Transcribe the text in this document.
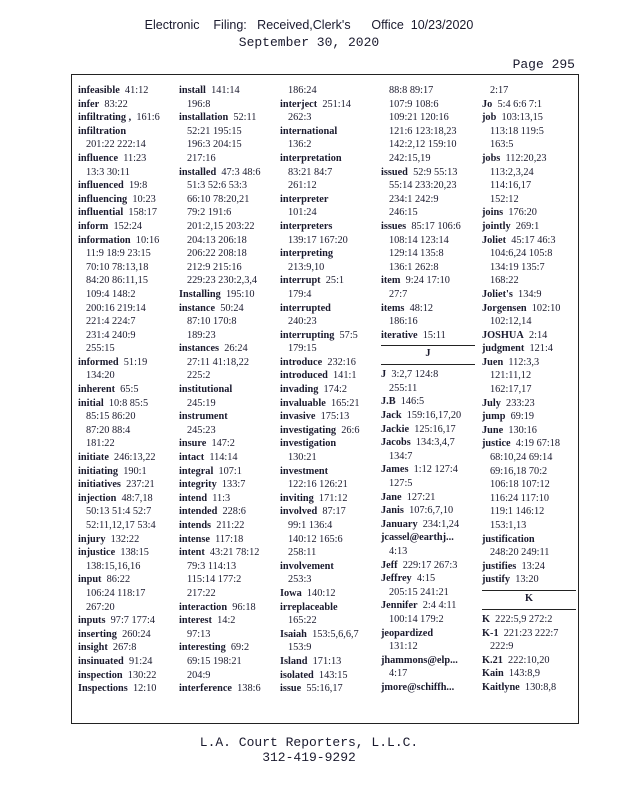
Electronic    Filing:   Received,Clerk's      Office  10/23/2020
September 30, 2020
Page 295
infeasible 41:12
infer 83:22
infiltrating , 161:6
infiltration
201:22 222:14
influence 11:23
13:3 30:11
influenced 19:8
influencing 10:23
influential 158:17
inform 152:24
information 10:16
11:9 18:9 23:15
70:10 78:13,18
84:20 86:11,15
109:4 148:2
200:16 219:14
221:4 224:7
231:4 240:9
255:15
informed 51:19
134:20
inherent 65:5
initial 10:8 85:5
85:15 86:20
87:20 88:4
181:22
initiate 246:13,22
initiating 190:1
initiatives 237:21
injection 48:7,18
50:13 51:4 52:7
52:11,12,17 53:4
injury 132:22
injustice 138:15
138:15,16,16
input 86:22
106:24 118:17
267:20
inputs 97:7 177:4
inserting 260:24
insight 267:8
insinuated 91:24
inspection 130:22
Inspections 12:10
install 141:14
196:8
installation 52:11
52:21 195:15
196:3 204:15
217:16
installed 47:3 48:6
51:3 52:6 53:3
66:10 78:20,21
79:2 191:6
201:2,15 203:22
204:13 206:18
206:22 208:18
212:9 215:16
229:23 230:2,3,4
Installing 195:10
instance 50:24
87:10 170:8
189:23
instances 26:24
27:11 41:18,22
225:2
institutional
245:19
instrument
245:23
insure 147:2
intact 114:14
integral 107:1
integrity 133:7
intend 11:3
intended 228:6
intends 211:22
intense 117:18
intent 43:21 78:12
79:3 114:13
115:14 177:2
217:22
interaction 96:18
interest 14:2
97:13
interesting 69:2
69:15 198:21
204:9
interference 138:6
186:24
interject 251:14
262:3
international
136:2
interpretation
83:21 84:7
261:12
interpreter
101:24
interpreters
139:17 167:20
interpreting
213:9,10
interrupt 25:1
179:4
interrupted
240:23
interrupting 57:5
179:15
introduce 232:16
introduced 141:1
invading 174:2
invaluable 165:21
invasive 175:13
investigating 26:6
investigation
130:21
investment
122:16 126:21
inviting 171:12
involved 87:17
99:1 136:4
140:12 165:6
258:11
involvement
253:3
Iowa 140:12
irreplaceable
165:22
Isaiah 153:5,6,6,7
153:9
Island 171:13
isolated 143:15
issue 55:16,17
88:8 89:17
107:9 108:6
109:21 120:16
121:6 123:18,23
142:2,12 159:10
242:15,19
issued 52:9 55:13
55:14 233:20,23
234:1 242:9
246:15
issues 85:17 106:6
108:14 123:14
129:14 135:8
136:1 262:8
item 9:24 17:10
27:7
items 48:12
186:16
iterative 15:11
J
J 3:2,7 124:8
255:11
J.B 146:5
Jack 159:16,17,20
Jackie 125:16,17
Jacobs 134:3,4,7
134:7
James 1:12 127:4
127:5
Jane 127:21
Janis 107:6,7,10
January 234:1,24
jcassel@earthj...
4:13
Jeff 229:17 267:3
Jeffrey 4:15
205:15 241:21
Jennifer 2:4 4:11
100:14 179:2
jeopardized
131:12
jhammons@elp...
4:17
jmore@schiffh...
2:17
Jo 5:4 6:6 7:1
job 103:13,15
113:18 119:5
163:5
jobs 112:20,23
113:2,3,24
114:16,17
152:12
joins 176:20
jointly 269:1
Joliet 45:17 46:3
104:6,24 105:8
134:19 135:7
168:22
Joliet's 134:9
Jorgensen 102:10
102:12,14
JOSHUA 2:14
judgment 121:4
Juen 112:3,3
121:11,12
162:17,17
July 233:23
jump 69:19
June 130:16
justice 4:19 67:18
68:10,24 69:14
69:16,18 70:2
106:18 107:12
116:24 117:10
119:1 146:12
153:1,13
justification
248:20 249:11
justifies 13:24
justify 13:20
K
K 222:5,9 272:2
K-1 221:23 222:7
222:9
K.21 222:10,20
Kain 143:8,9
Kaitlyne 130:8,8
L.A. Court Reporters, L.L.C.
312-419-9292
